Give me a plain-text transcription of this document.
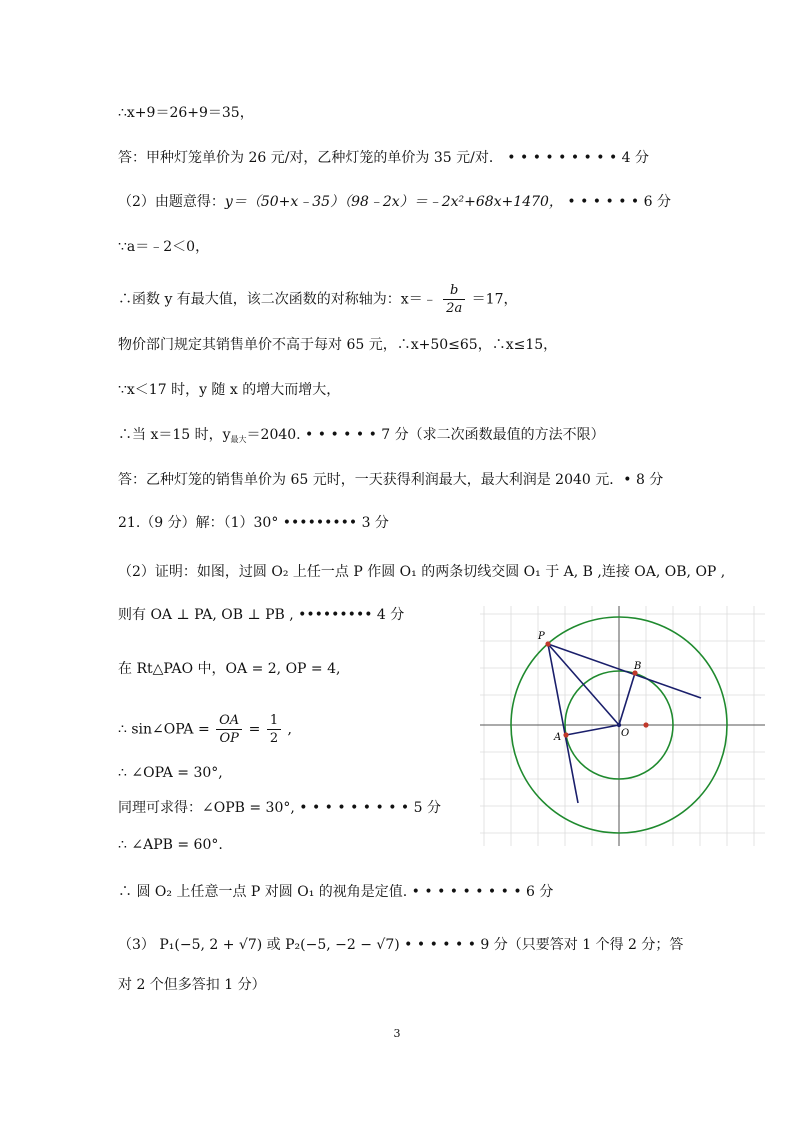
∴x+9＝26+9＝35，
答：甲种灯笼单价为 26 元/对，乙种灯笼的单价为 35 元/对． • • • • • • • • • 4 分
（2）由题意得：y＝（50+x﹣35）（98﹣2x）＝﹣2x²+68x+1470， • • • • • • 6 分
∵a＝﹣2＜0，
∴函数 y 有最大值，该二次函数的对称轴为：x＝﹣ $\frac{b}{2a} =17$，
物价部门规定其销售单价不高于每对 65 元，∴x+50≤65，∴x≤15，
∵x＜17 时，y 随 x 的增大而增大，
∴当 x＝15 时，$y_{最大}=2040$. • • • • • • 7 分（求二次函数最值的方法不限）
答：乙种灯笼的销售单价为 65 元时，一天获得利润最大，最大利润是 2040 元．• 8 分
21.（9 分）解：（1）30° ••••••••• 3 分
（2）证明：如图，过圆 O₂ 上任一点 P 作圆 O₁ 的两条切线交圆 O₁ 于 A, B ,连接 OA, OB, OP ,
则有 OA ⊥ PA, OB ⊥ PB , ••••••••• 4 分
在 Rt△PAO 中，OA = 2, OP = 4,
∴ sin∠OPA = $\frac{OA}{OP} = \frac{1}{2}$ ,
∴ ∠OPA = 30°,
同理可求得：∠OPB = 30°, • • • • • • • • • 5 分
∴ ∠APB = 60°.
∴ 圆 O₂ 上任意一点 P 对圆 O₁ 的视角是定值. • • • • • • • • • 6 分
（3） P₁(−5, 2 + √7) 或 P₂(−5, −2 − √7) • • • • • • 9 分（只要答对 1 个得 2 分；答
对 2 个但多答扣 1 分）
P
A
B
O
3
